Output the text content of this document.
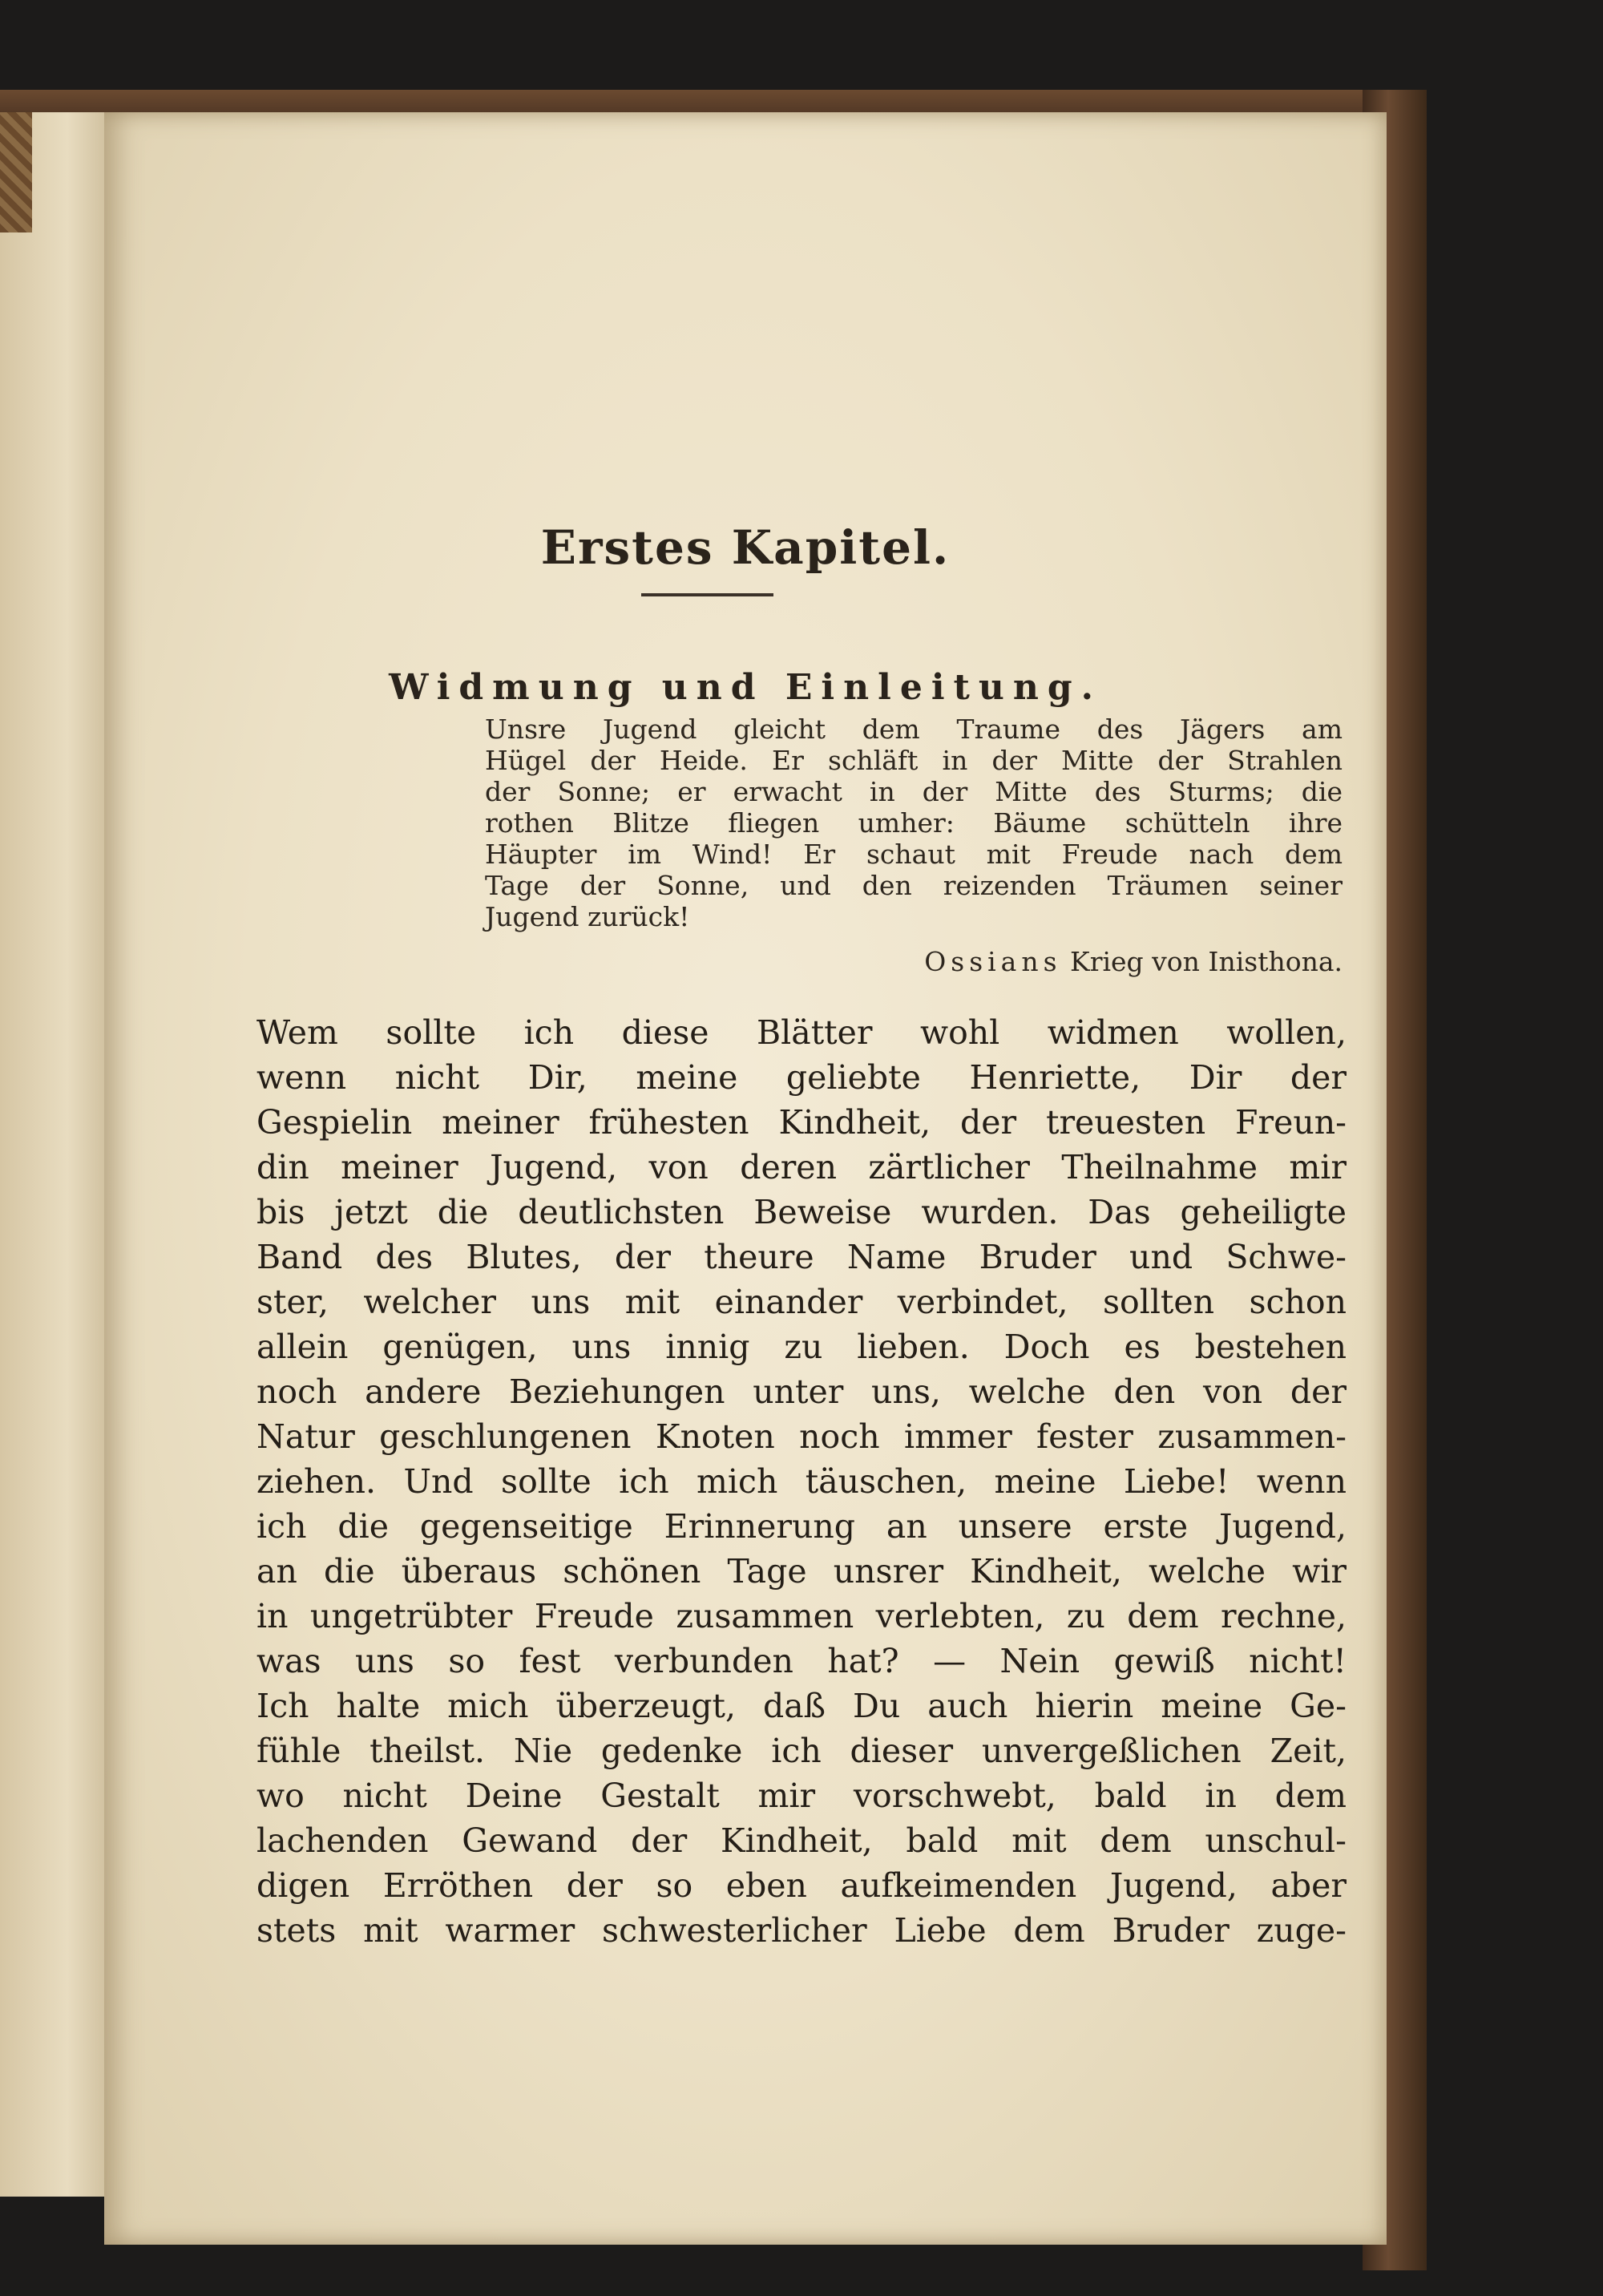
Erstes Kapitel.
Widmung und Einleitung.
Unsre Jugend gleicht dem Traume des Jägers am
Hügel der Heide. Er schläft in der Mitte der Strahlen
der Sonne; er erwacht in der Mitte des Sturms; die
rothen Blitze fliegen umher: Bäume schütteln ihre
Häupter im Wind! Er schaut mit Freude nach dem
Tage der Sonne, und den reizenden Träumen seiner
Jugend zurück!
Ossians Krieg von Inisthona.
Wem sollte ich diese Blätter wohl widmen wollen,
wenn nicht Dir, meine geliebte Henriette, Dir der
Gespielin meiner frühesten Kindheit, der treuesten Freun-
din meiner Jugend, von deren zärtlicher Theilnahme mir
bis jetzt die deutlichsten Beweise wurden. Das geheiligte
Band des Blutes, der theure Name Bruder und Schwe-
ster, welcher uns mit einander verbindet, sollten schon
allein genügen, uns innig zu lieben. Doch es bestehen
noch andere Beziehungen unter uns, welche den von der
Natur geschlungenen Knoten noch immer fester zusammen-
ziehen. Und sollte ich mich täuschen, meine Liebe! wenn
ich die gegenseitige Erinnerung an unsere erste Jugend,
an die überaus schönen Tage unsrer Kindheit, welche wir
in ungetrübter Freude zusammen verlebten, zu dem rechne,
was uns so fest verbunden hat? — Nein gewiß nicht!
Ich halte mich überzeugt, daß Du auch hierin meine Ge-
fühle theilst. Nie gedenke ich dieser unvergeßlichen Zeit,
wo nicht Deine Gestalt mir vorschwebt, bald in dem
lachenden Gewand der Kindheit, bald mit dem unschul-
digen Erröthen der so eben aufkeimenden Jugend, aber
stets mit warmer schwesterlicher Liebe dem Bruder zuge-
